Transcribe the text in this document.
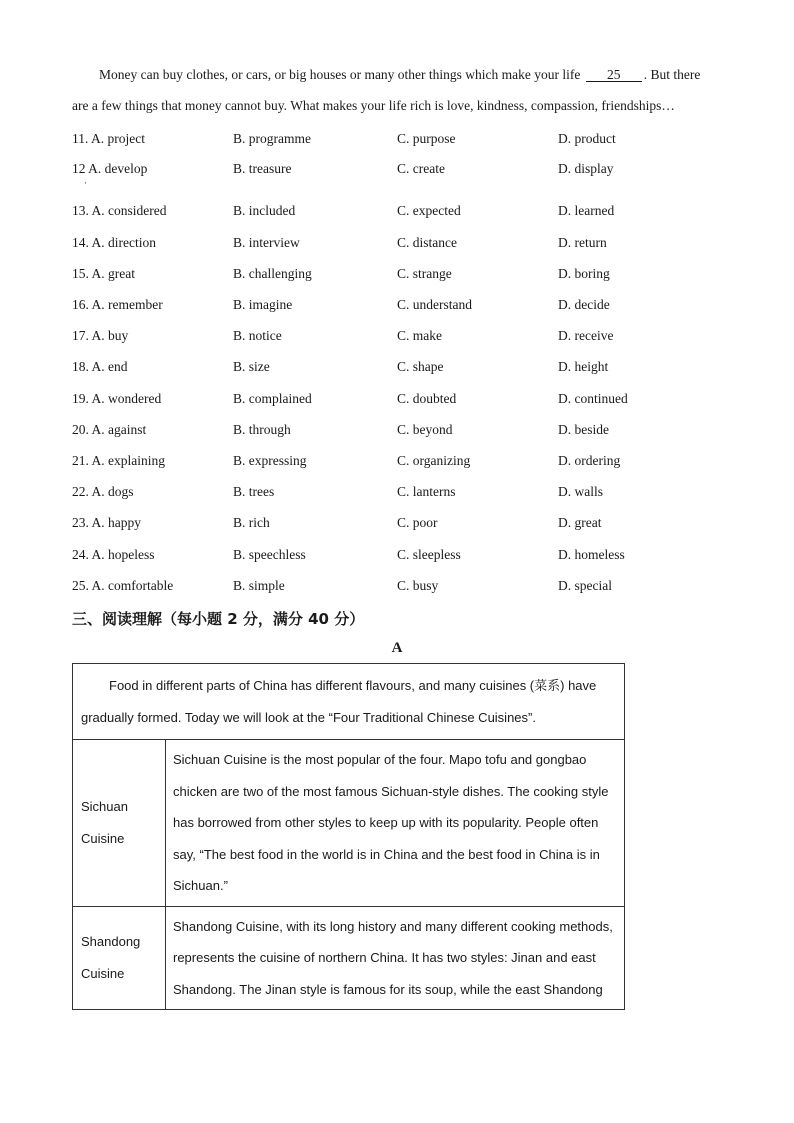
Money can buy clothes, or cars, or big houses or many other things which make your life 25 . But there
are a few things that money cannot buy. What makes your life rich is love, kindness, compassion, friendships…
11. A. project	B. programme	C. purpose	D. product
12 A. develop	B. treasure	C. create	D. display
13. A. considered	B. included	C. expected	D. learned
14. A. direction	B. interview	C. distance	D. return
15. A. great	B. challenging	C. strange	D. boring
16. A. remember	B. imagine	C. understand	D. decide
17. A. buy	B. notice	C. make	D. receive
18. A. end	B. size	C. shape	D. height
19. A. wondered	B. complained	C. doubted	D. continued
20. A. against	B. through	C. beyond	D. beside
21. A. explaining	B. expressing	C. organizing	D. ordering
22. A. dogs	B. trees	C. lanterns	D. walls
23. A. happy	B. rich	C. poor	D. great
24. A. hopeless	B. speechless	C. sleepless	D. homeless
25. A. comfortable	B. simple	C. busy	D. special
·
三、阅读理解（每小题 2 分，满分 40 分）
A

Food in different parts of China has different flavours, and many cuisines (菜系) have gradually formed. Today we will look at the “Four Traditional Chinese Cuisines”.	

Sichuan Cuisine	Sichuan Cuisine is the most popular of the four. Mapo tofu and gongbao chicken are two of the most famous Sichuan-style dishes. The cooking style has borrowed from other styles to keep up with its popularity. People often say, “The best food in the world is in China and the best food in China is in Sichuan.”
Shandong Cuisine	Shandong Cuisine, with its long history and many different cooking methods, represents the cuisine of northern China. It has two styles: Jinan and east Shandong. The Jinan style is famous for its soup, while the east Shandong
